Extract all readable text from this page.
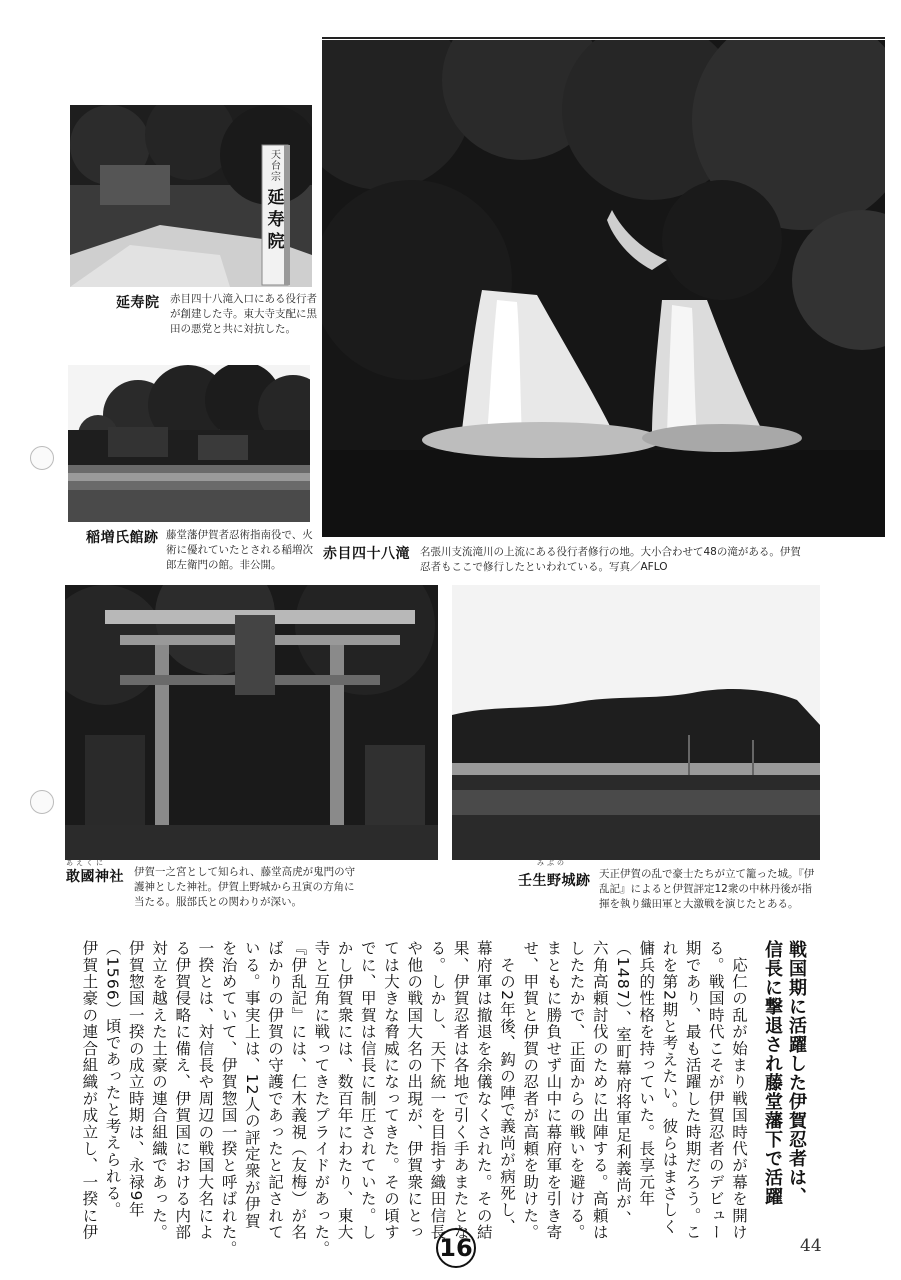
天台宗
延寿院
延寿院 赤目四十八滝入口にある役行者が創建した寺。東大寺支配に黒田の悪党と共に対抗した。
稲増氏館跡 藤堂藩伊賀者忍術指南役で、火術に優れていたとされる稲増次郎左衛門の館。非公開。
赤目四十八滝 名張川支流滝川の上流にある役行者修行の地。大小合わせて48の滝がある。伊賀
忍者もここで修行したといわれている。写真／AFLO
あえくに
敢國神社 伊賀一之宮として知られ、藤堂高虎が鬼門の守護神とした神社。伊賀上野城から丑寅の方角に当たる。服部氏との関わりが深い。
みぶの
壬生野城跡 天正伊賀の乱で豪士たちが立て籠った城。『伊
乱記』によると伊賀評定12衆の中林丹後が指
揮を執り織田軍と大激戦を演じたとある。
戦国期に活躍した伊賀忍者は、
信長に撃退され藤堂藩下で活躍
　応仁の乱が始まり戦国時代が幕を開け
る。戦国時代こそが伊賀忍者のデビュー
期であり、最も活躍した時期だろう。こ
れを第2期と考えたい。彼らはまさしく
傭兵的性格を持っていた。長享元年
（1487）、室町幕府将軍足利義尚が、
六角高頼討伐のために出陣する。高頼は
したたかで、正面からの戦いを避ける。
まともに勝負せず山中に幕府軍を引き寄
せ、甲賀と伊賀の忍者が高頼を助けた。
　その2年後、鈎の陣で義尚が病死し、
幕府軍は撤退を余儀なくされた。その結
果、伊賀忍者は各地で引く手あまたとな
る。しかし、天下統一を目指す織田信長
や他の戦国大名の出現が、伊賀衆にとっ
ては大きな脅威になってきた。その頃す
でに、甲賀は信長に制圧されていた。し
かし伊賀衆には、数百年にわたり、東大
寺と互角に戦ってきたプライドがあった。
『伊乱記』には、仁木義視（友梅）が名
ばかりの伊賀の守護であったと記されて
いる。事実上は、12人の評定衆が伊賀
を治めていて、伊賀惣国一揆と呼ばれた。
一揆とは、対信長や周辺の戦国大名によ
る伊賀侵略に備え、伊賀国における内部
対立を越えた土豪の連合組織であった。
伊賀惣国一揆の成立時期は、永禄9年
（1566）頃であったと考えられる。
伊賀土豪の連合組織が成立し、一揆に伊
16	44
